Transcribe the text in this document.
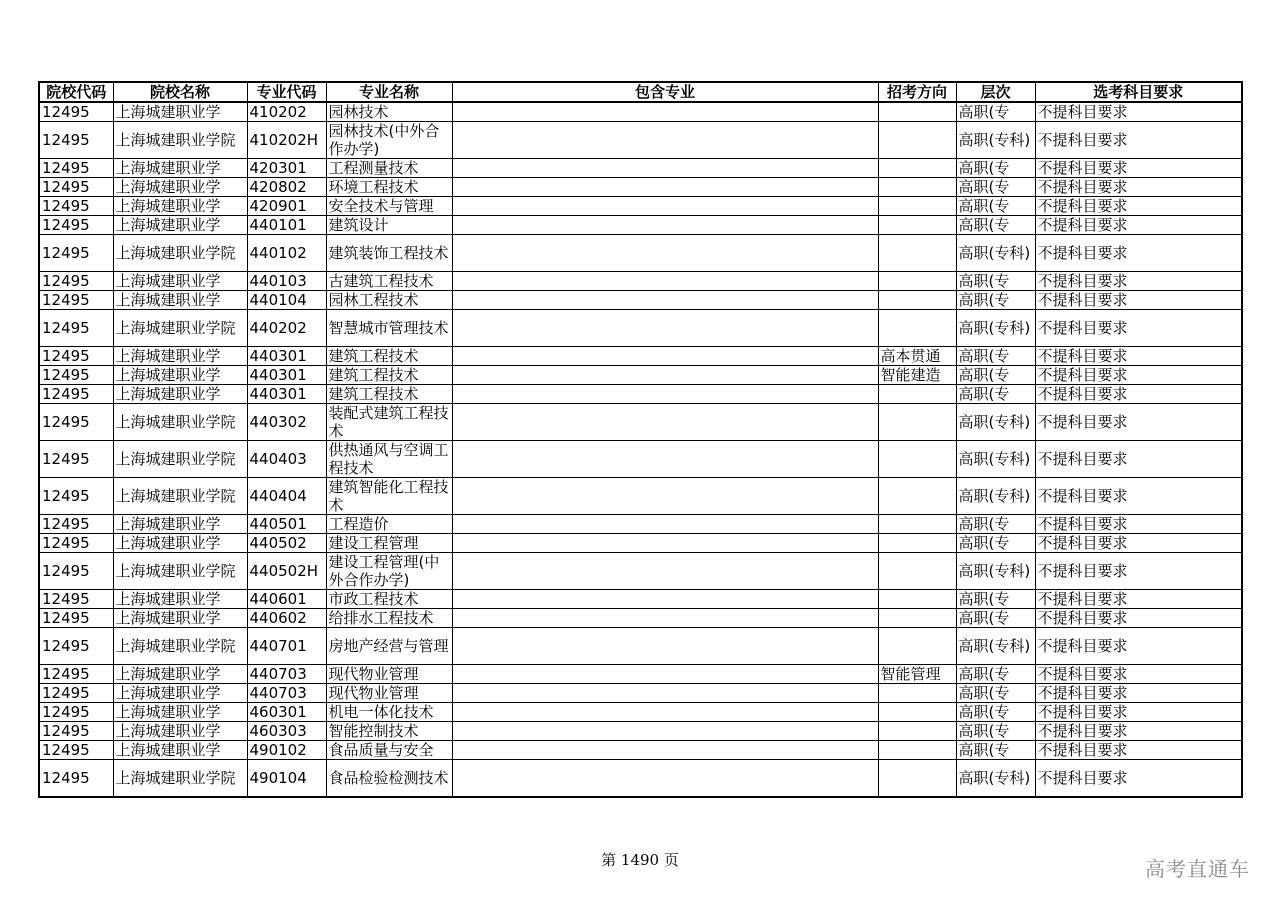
院校代码	院校名称	专业代码	专业名称	包含专业	招考方向	层次	选考科目要求

12495	上海城建职业学	410202	园林技术			高职(专	不提科目要求

12495	上海城建职业学院	410202H	园林技术(中外合作办学)			高职(专科)	不提科目要求

12495	上海城建职业学	420301	工程测量技术			高职(专	不提科目要求

12495	上海城建职业学	420802	环境工程技术			高职(专	不提科目要求

12495	上海城建职业学	420901	安全技术与管理			高职(专	不提科目要求

12495	上海城建职业学	440101	建筑设计			高职(专	不提科目要求

12495	上海城建职业学院	440102	建筑装饰工程技术			高职(专科)	不提科目要求

12495	上海城建职业学	440103	古建筑工程技术			高职(专	不提科目要求

12495	上海城建职业学	440104	园林工程技术			高职(专	不提科目要求

12495	上海城建职业学院	440202	智慧城市管理技术			高职(专科)	不提科目要求

12495	上海城建职业学	440301	建筑工程技术		高本贯通	高职(专	不提科目要求

12495	上海城建职业学	440301	建筑工程技术		智能建造	高职(专	不提科目要求

12495	上海城建职业学	440301	建筑工程技术			高职(专	不提科目要求

12495	上海城建职业学院	440302	装配式建筑工程技术			高职(专科)	不提科目要求

12495	上海城建职业学院	440403	供热通风与空调工程技术			高职(专科)	不提科目要求

12495	上海城建职业学院	440404	建筑智能化工程技术			高职(专科)	不提科目要求

12495	上海城建职业学	440501	工程造价			高职(专	不提科目要求

12495	上海城建职业学	440502	建设工程管理			高职(专	不提科目要求

12495	上海城建职业学院	440502H	建设工程管理(中外合作办学)			高职(专科)	不提科目要求

12495	上海城建职业学	440601	市政工程技术			高职(专	不提科目要求

12495	上海城建职业学	440602	给排水工程技术			高职(专	不提科目要求

12495	上海城建职业学院	440701	房地产经营与管理			高职(专科)	不提科目要求

12495	上海城建职业学	440703	现代物业管理		智能管理	高职(专	不提科目要求

12495	上海城建职业学	440703	现代物业管理			高职(专	不提科目要求

12495	上海城建职业学	460301	机电一体化技术			高职(专	不提科目要求

12495	上海城建职业学	460303	智能控制技术			高职(专	不提科目要求

12495	上海城建职业学	490102	食品质量与安全			高职(专	不提科目要求

12495	上海城建职业学院	490104	食品检验检测技术			高职(专科)	不提科目要求
第 1490 页	高考直通车
